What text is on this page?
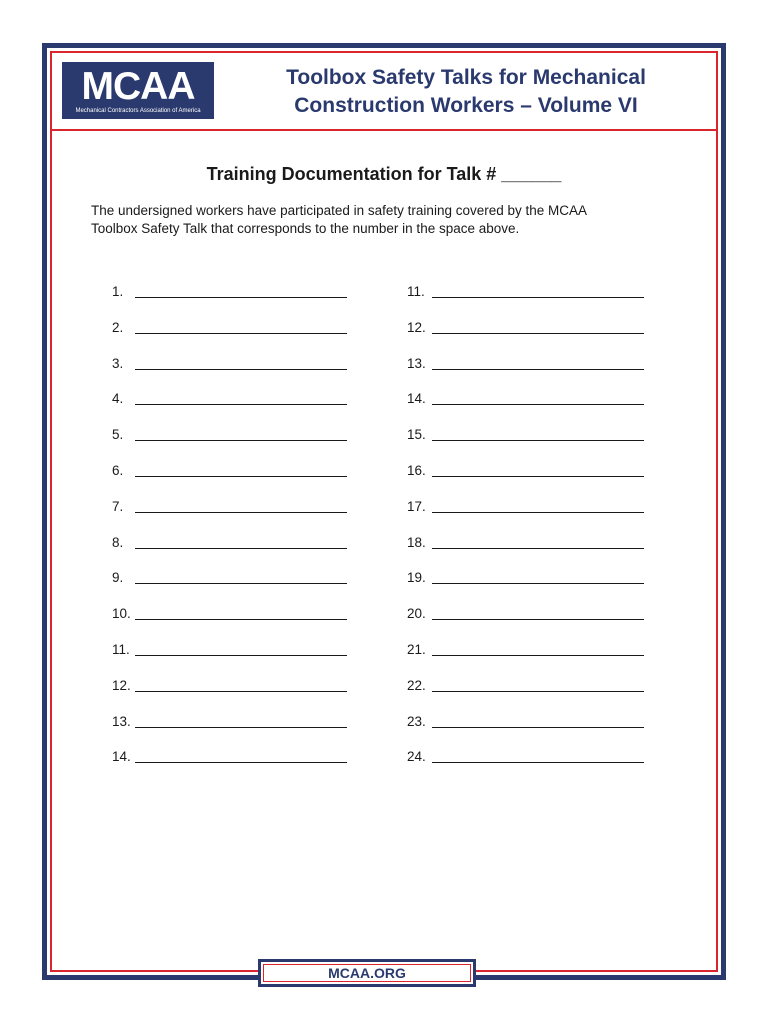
MCAA
Mechanical Contractors Association of America
Toolbox Safety Talks for Mechanical
Construction Workers – Volume VI
Training Documentation for Talk # ______
The undersigned workers have participated in safety training covered by the MCAA
Toolbox Safety Talk that corresponds to the number in the space above.
1.
2.
3.
4.
5.
6.
7.
8.
9.
10.
11.
12.
13.
14.
11.
12.
13.
14.
15.
16.
17.
18.
19.
20.
21.
22.
23.
24.
MCAA.ORG
